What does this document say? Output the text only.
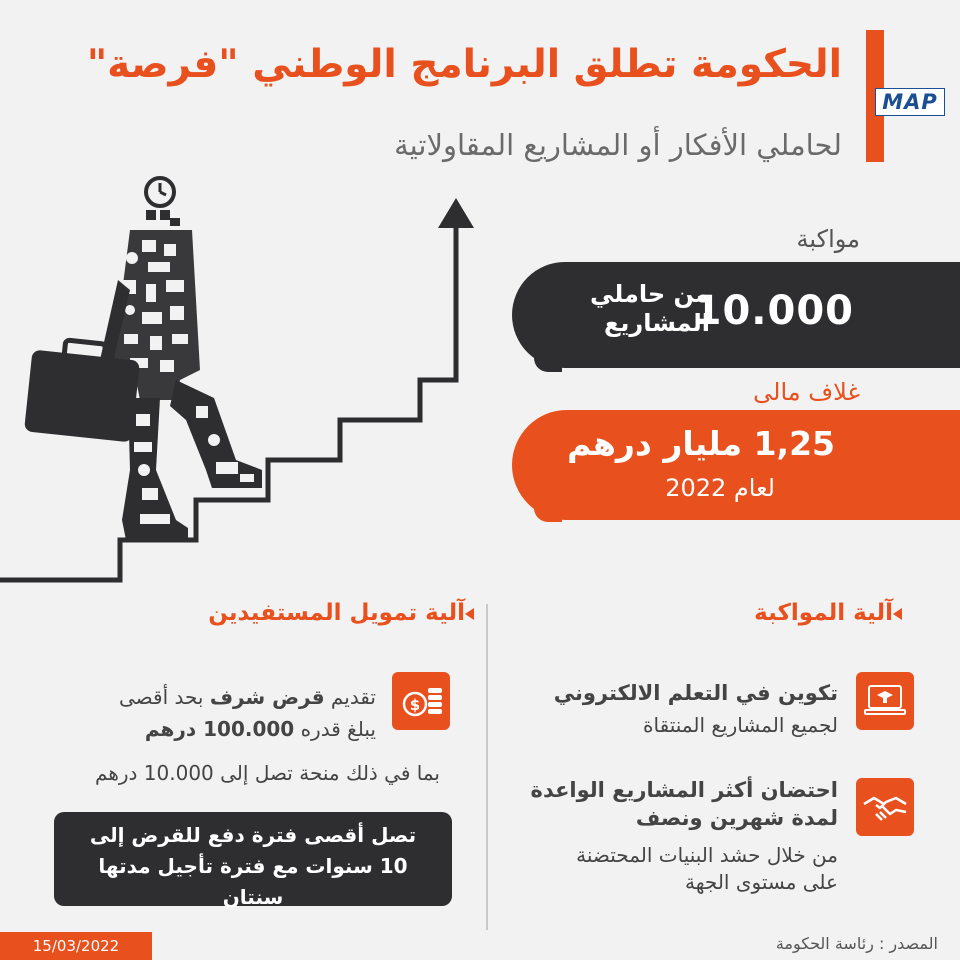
الحكومة تطلق البرنامج الوطني "فرصة"
لحاملي الأفكار أو المشاريع المقاولاتية
MAP
مواكبة
10.000
من حاملي
المشاريع
غلاف مالى
1,25 مليار درهم
لعام 2022
آلية المواكبة
تكوين في التعلم الالكتروني
لجميع المشاريع المنتقاة
احتضان أكثر المشاريع الواعدة
لمدة شهرين ونصف
من خلال حشد البنيات المحتضنة
على مستوى الجهة
آلية تمويل المستفيدين
$
تقديم قرض شرف بحد أقصى
يبلغ قدره 100.000 درهم
بما في ذلك منحة تصل إلى 10.000 درهم
تصل أقصى فترة دفع للقرض إلى
10 سنوات مع فترة تأجيل مدتها سنتان
15/03/2022	المصدر : رئاسة الحكومة
